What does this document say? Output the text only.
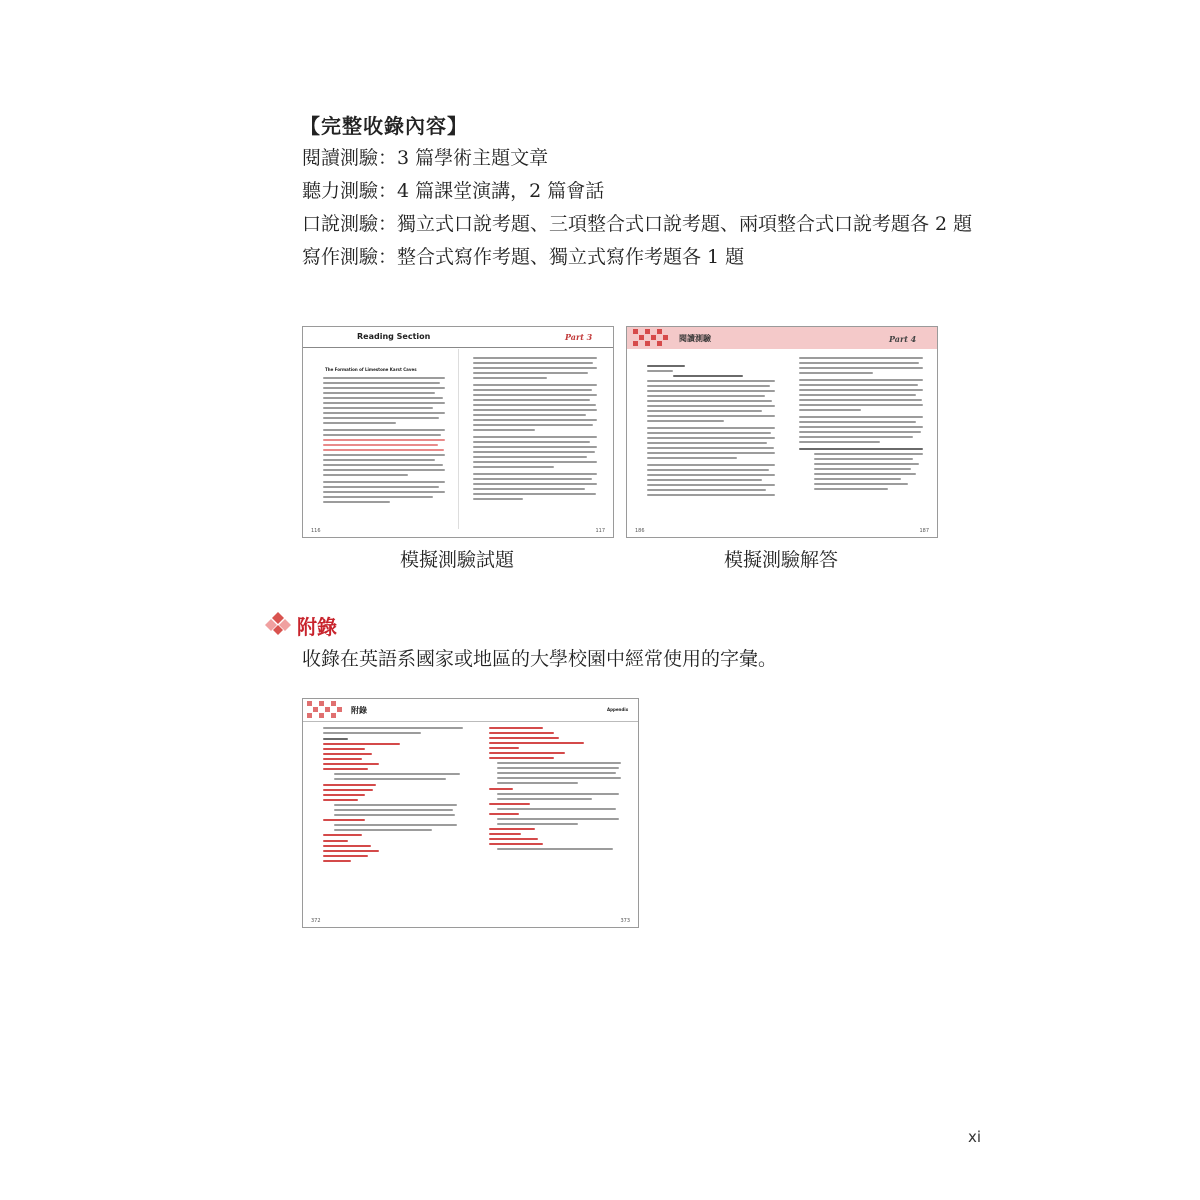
【完整收錄內容】
閱讀測驗： 3 篇學術主題文章
聽力測驗： 4 篇課堂演講，2 篇會話
口說測驗： 獨立式口說考題、三項整合式口說考題、兩項整合式口說考題各 2 題
寫作測驗： 整合式寫作考題、獨立式寫作考題各 1 題
Reading Section	Part 3
The Formation of Limestone Karst Caves
116	117
模擬測驗試題
閱讀測驗	Part 4
186	187
模擬測驗解答
附錄
收錄在英語系國家或地區的大學校園中經常使用的字彙。
附錄	Appendix
372	373
xi
